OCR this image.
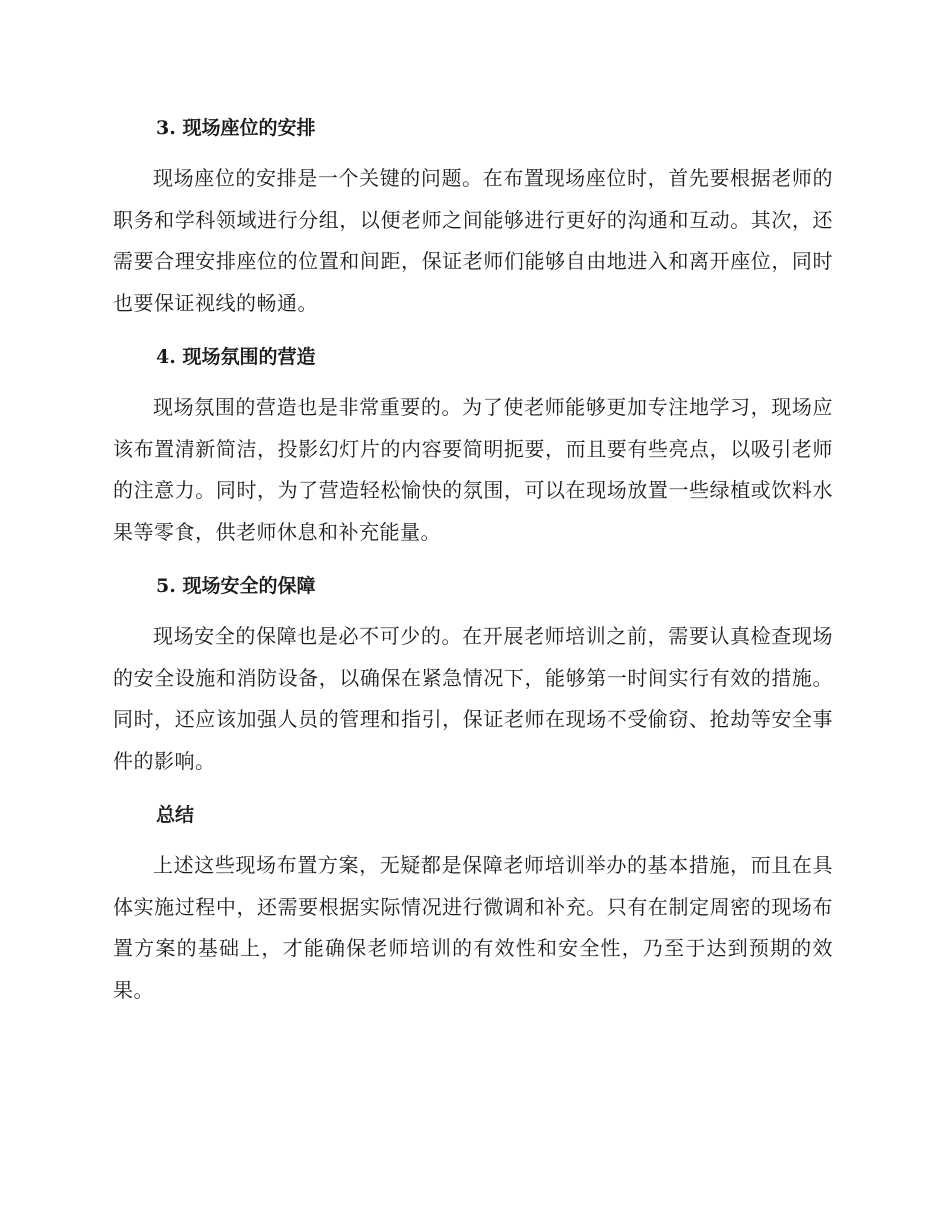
3. 现场座位的安排

现场座位的安排是一个关键的问题。在布置现场座位时，首先要根据老师的职务和学科领域进行分组，以便老师之间能够进行更好的沟通和互动。其次，还需要合理安排座位的位置和间距，保证老师们能够自由地进入和离开座位，同时也要保证视线的畅通。

4. 现场氛围的营造

现场氛围的营造也是非常重要的。为了使老师能够更加专注地学习，现场应该布置清新简洁，投影幻灯片的内容要简明扼要，而且要有些亮点，以吸引老师的注意力。同时，为了营造轻松愉快的氛围，可以在现场放置一些绿植或饮料水果等零食，供老师休息和补充能量。

5. 现场安全的保障

现场安全的保障也是必不可少的。在开展老师培训之前，需要认真检查现场的安全设施和消防设备，以确保在紧急情况下，能够第一时间实行有效的措施。同时，还应该加强人员的管理和指引，保证老师在现场不受偷窃、抢劫等安全事件的影响。

总结

上述这些现场布置方案，无疑都是保障老师培训举办的基本措施，而且在具体实施过程中，还需要根据实际情况进行微调和补充。只有在制定周密的现场布置方案的基础上，才能确保老师培训的有效性和安全性，乃至于达到预期的效果。
